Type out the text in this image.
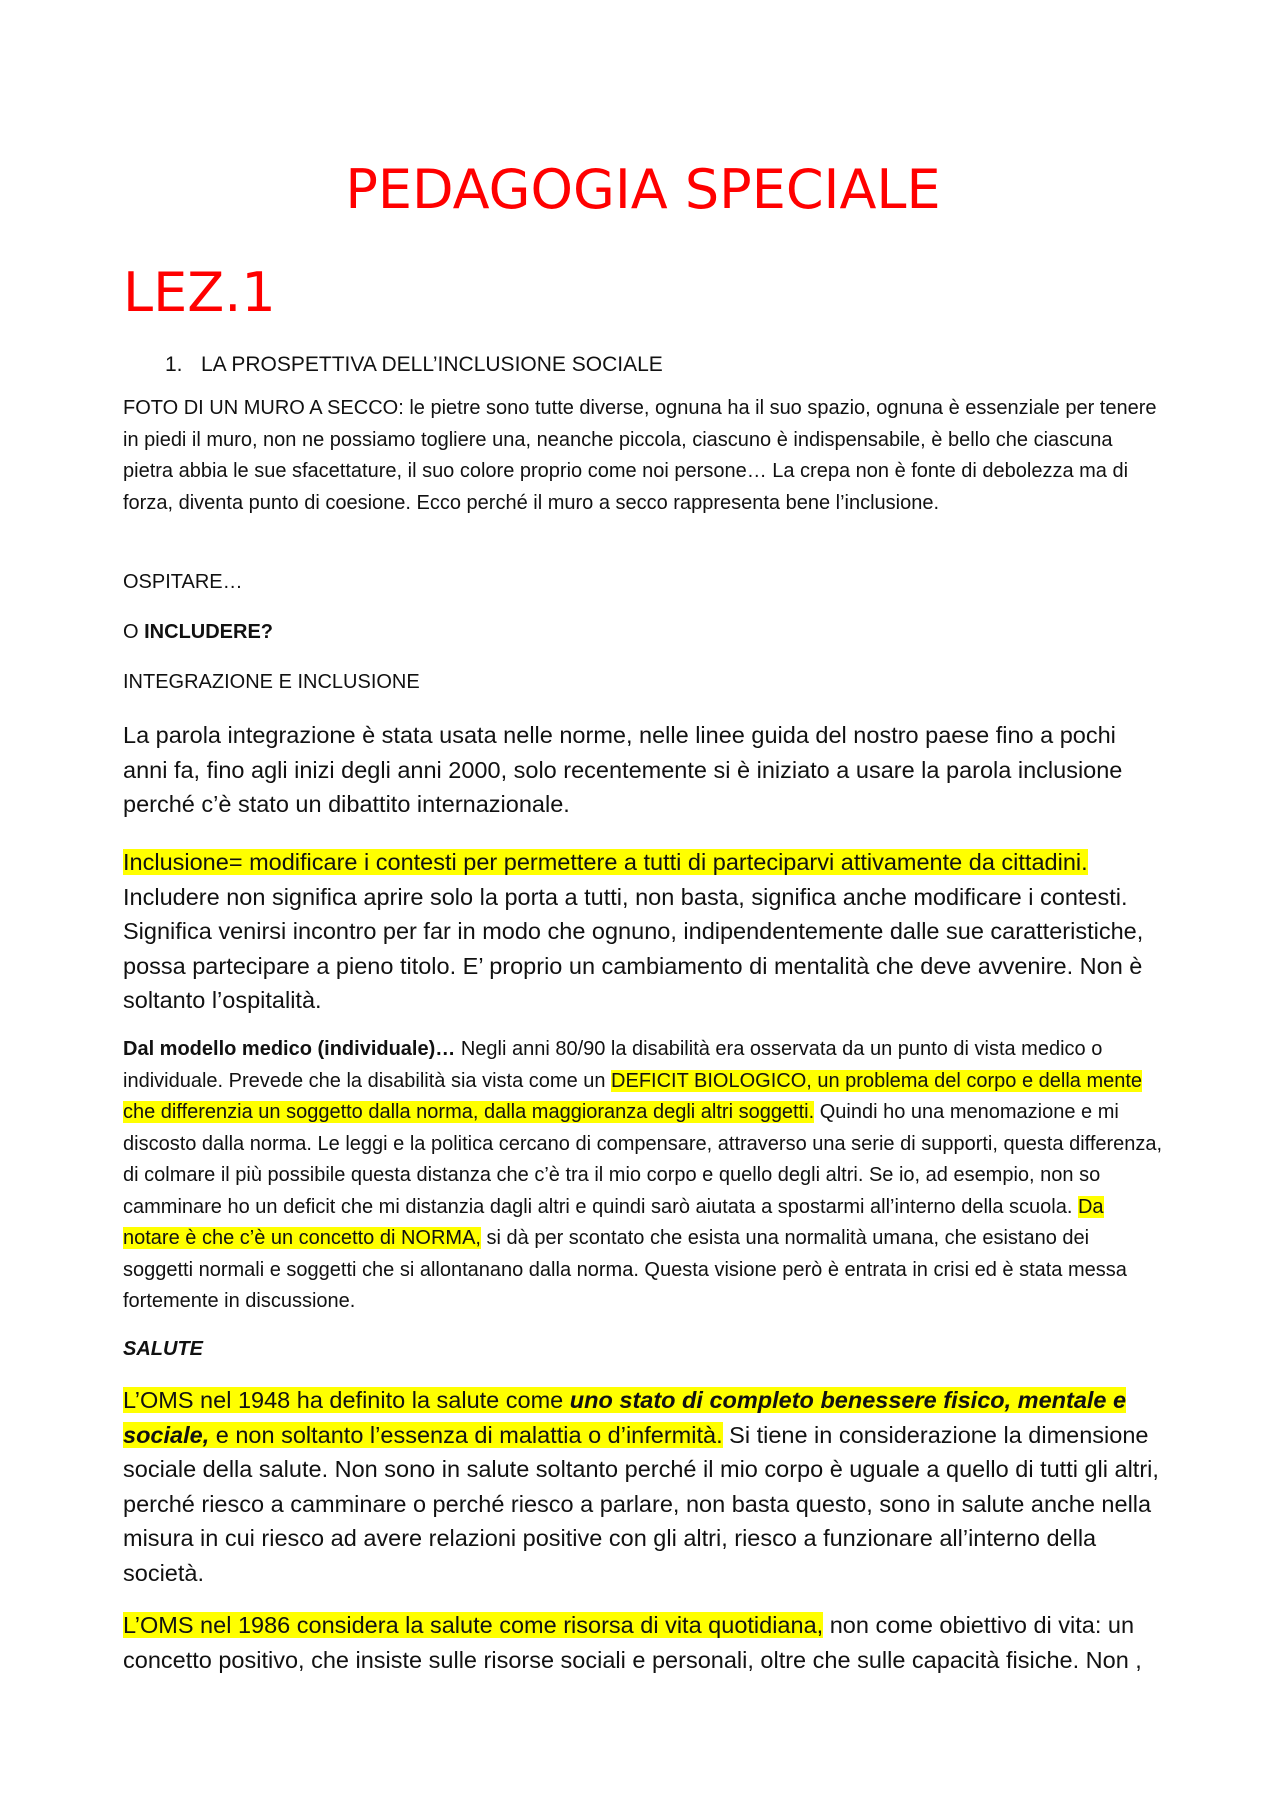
PEDAGOGIA SPECIALE
LEZ.1
1. LA PROSPETTIVA DELL’INCLUSIONE SOCIALE

FOTO DI UN MURO A SECCO: le pietre sono tutte diverse, ognuna ha il suo spazio, ognuna è essenziale per tenere in piedi il muro, non ne possiamo togliere una, neanche piccola, ciascuno è indispensabile, è bello che ciascuna pietra abbia le sue sfacettature, il suo colore proprio come noi persone… La crepa non è fonte di debolezza ma di forza, diventa punto di coesione. Ecco perché il muro a secco rappresenta bene l’inclusione.

OSPITARE…

O INCLUDERE?

INTEGRAZIONE E INCLUSIONE

La parola integrazione è stata usata nelle norme, nelle linee guida del nostro paese fino a pochi anni fa, fino agli inizi degli anni 2000, solo recentemente si è iniziato a usare la parola inclusione perché c’è stato un dibattito internazionale.

Inclusione= modificare i contesti per permettere a tutti di parteciparvi attivamente da cittadini. Includere non significa aprire solo la porta a tutti, non basta, significa anche modificare i contesti. Significa venirsi incontro per far in modo che ognuno, indipendentemente dalle sue caratteristiche, possa partecipare a pieno titolo. E’ proprio un cambiamento di mentalità che deve avvenire. Non è soltanto l’ospitalità.

Dal modello medico (individuale)… Negli anni 80/90 la disabilità era osservata da un punto di vista medico o individuale. Prevede che la disabilità sia vista come un DEFICIT BIOLOGICO, un problema del corpo e della mente che differenzia un soggetto dalla norma, dalla maggioranza degli altri soggetti. Quindi ho una menomazione e mi discosto dalla norma. Le leggi e la politica cercano di compensare, attraverso una serie di supporti, questa differenza, di colmare il più possibile questa distanza che c’è tra il mio corpo e quello degli altri. Se io, ad esempio, non so camminare ho un deficit che mi distanzia dagli altri e quindi sarò aiutata a spostarmi all’interno della scuola. Da notare è che c’è un concetto di NORMA, si dà per scontato che esista una normalità umana, che esistano dei soggetti normali e soggetti che si allontanano dalla norma. Questa visione però è entrata in crisi ed è stata messa fortemente in discussione.

SALUTE

L’OMS nel 1948 ha definito la salute come uno stato di completo benessere fisico, mentale e sociale, e non soltanto l’essenza di malattia o d’infermità. Si tiene in considerazione la dimensione sociale della salute. Non sono in salute soltanto perché il mio corpo è uguale a quello di tutti gli altri, perché riesco a camminare o perché riesco a parlare, non basta questo, sono in salute anche nella misura in cui riesco ad avere relazioni positive con gli altri, riesco a funzionare all’interno della società.

L’OMS nel 1986 considera la salute come risorsa di vita quotidiana, non come obiettivo di vita: un concetto positivo, che insiste sulle risorse sociali e personali, oltre che sulle capacità fisiche. Non ,
